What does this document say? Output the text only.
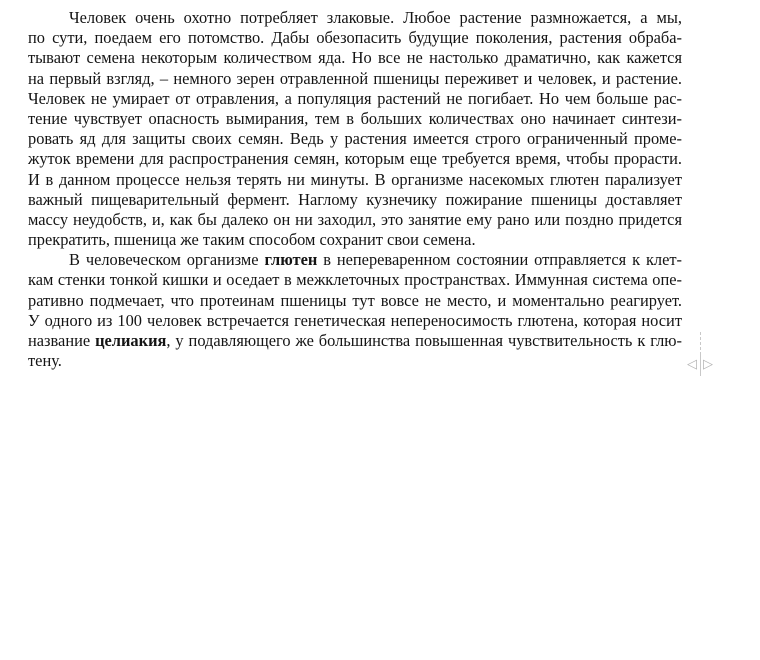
Человек очень охотно потребляет злаковые. Любое растение размножается, а мы,
по сути, поедаем его потомство. Дабы обезопасить будущие поколения, растения обраба-
тывают семена некоторым количеством яда. Но все не настолько драматично, как кажется
на первый взгляд, – немного зерен отравленной пшеницы переживет и человек, и растение.
Человек не умирает от отравления, а популяция растений не погибает. Но чем больше рас-
тение чувствует опасность вымирания, тем в больших количествах оно начинает синтези-
ровать яд для защиты своих семян. Ведь у растения имеется строго ограниченный проме-
жуток времени для распространения семян, которым еще требуется время, чтобы прорасти.
И в данном процессе нельзя терять ни минуты. В организме насекомых глютен парализует
важный пищеварительный фермент. Наглому кузнечику пожирание пшеницы доставляет
массу неудобств, и, как бы далеко он ни заходил, это занятие ему рано или поздно придется
прекратить, пшеница же таким способом сохранит свои семена.
В человеческом организме глютен в непереваренном состоянии отправляется к клет-
кам стенки тонкой кишки и оседает в межклеточных пространствах. Иммунная система опе-
ративно подмечает, что протеинам пшеницы тут вовсе не место, и моментально реагирует.
У одного из 100 человек встречается генетическая непереносимость глютена, которая носит
название целиакия, у подавляющего же большинства повышенная чувствительность к глю-
тену.	◁ ▷
